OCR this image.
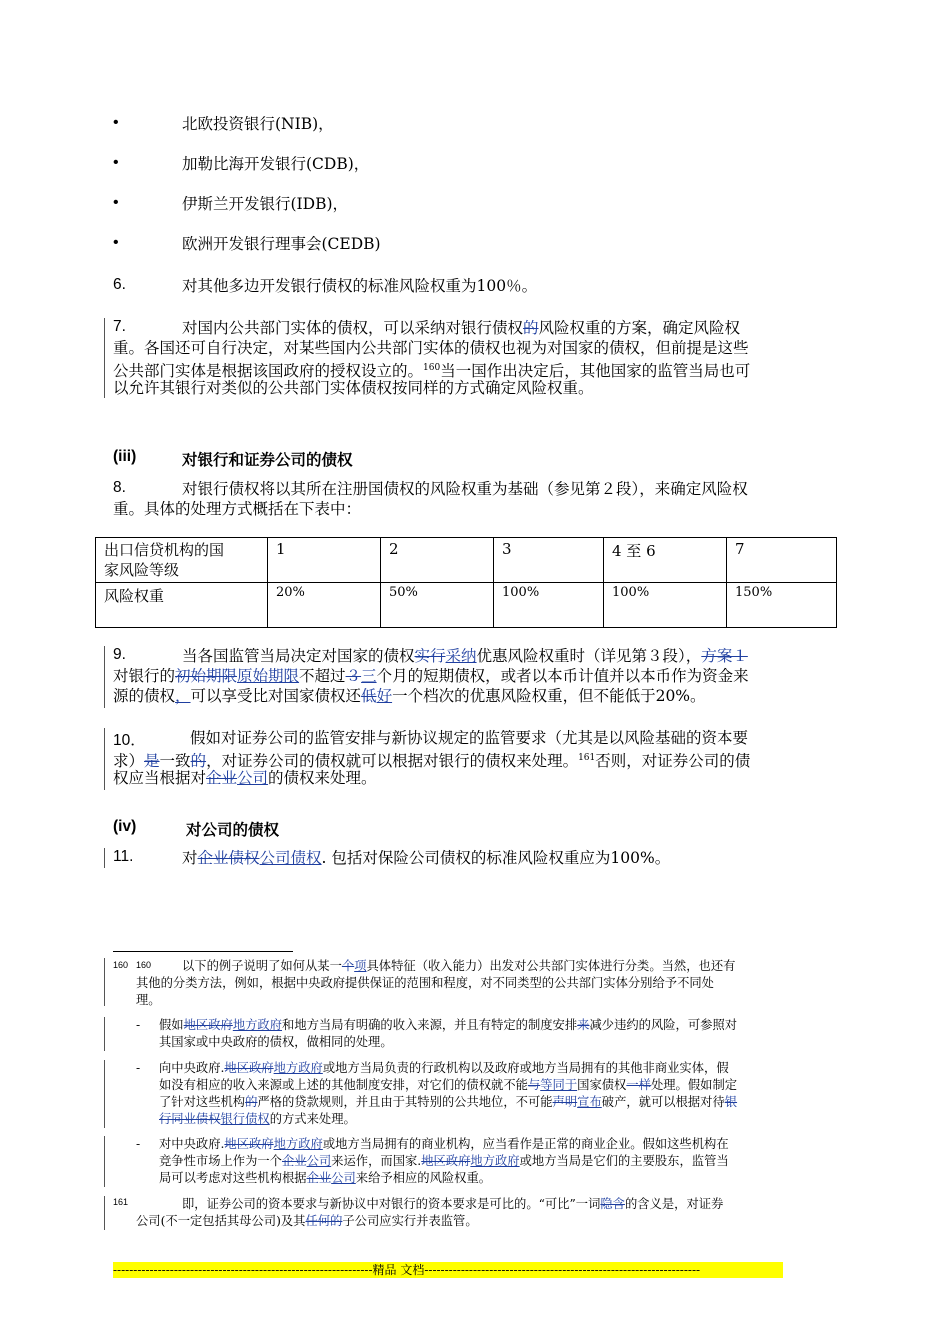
•	北欧投资银行(NIB)，
•	加勒比海开发银行(CDB)，
•	伊斯兰开发银行(IDB)，
•	欧洲开发银行理事会(CEDB)
6.	对其他多边开发银行债权的标准风险权重为100％。
7.	对国内公共部门实体的债权，可以采纳对银行债权的风险权重的方案，确定风险权
重。各国还可自行决定，对某些国内公共部门实体的债权也视为对国家的债权，但前提是这些
公共部门实体是根据该国政府的授权设立的。$^{160}$当一国作出决定后，其他国家的监管当局也可
以允许其银行对类似的公共部门实体债权按同样的方式确定风险权重。
(iii)	对银行和证券公司的债权
8.	对银行债权将以其所在注册国债权的风险权重为基础（参见第２段），来确定风险权
重。具体的处理方式概括在下表中：
出口信贷机构的国
家风险等级	1	2	3	4 至 6	7
风险权重	20%	50%	100%	100%	150%
9.	当各国监管当局决定对国家的债权实行采纳优惠风险权重时（详见第３段），方案１
对银行的初始期限原始期限不超过３三个月的短期债权，或者以本币计值并以本币作为资金来
源的债权，可以享受比对国家债权还低好一个档次的优惠风险权重，但不能低于20%。
10．	假如对证券公司的监管安排与新协议规定的监管要求（尤其是以风险基础的资本要
求）是一致的，对证券公司的债权就可以根据对银行的债权来处理。$^{161}$否则，对证券公司的债
权应当根据对企业公司的债权来处理。
(iv)	对公司的债权
11.	对企业债权公司债权. 包括对保险公司债权的标准风险权重应为100%。
160 160	以下的例子说明了如何从某一个项具体特征（收入能力）出发对公共部门实体进行分类。当然，也还有
其他的分类方法，例如，根据中央政府提供保证的范围和程度，对不同类型的公共部门实体分别给予不同处
理。
- 假如地区政府地方政府和地方当局有明确的收入来源，并且有特定的制度安排来减少违约的风险，可参照对
其国家或中央政府的债权，做相同的处理。
- 向中央政府.地区政府地方政府或地方当局负责的行政机构以及政府或地方当局拥有的其他非商业实体，假
如没有相应的收入来源或上述的其他制度安排，对它们的债权就不能与等同于国家债权一样处理。假如制定
了针对这些机构的严格的贷款规则，并且由于其特别的公共地位，不可能声明宣布破产，就可以根据对待银
行同业债权银行债权的方式来处理。
- 对中央政府.地区政府地方政府或地方当局拥有的商业机构，应当看作是正常的商业企业。假如这些机构在
竞争性市场上作为一个企业公司来运作，而国家.地区政府地方政府或地方当局是它们的主要股东，监管当
局可以考虑对这些机构根据企业公司来给予相应的风险权重。
161	即，证券公司的资本要求与新协议中对银行的资本要求是可比的。“可比”一词隐含的含义是，对证券
公司(不一定包括其母公司)及其任何的子公司应实行并表监管。
----------------------------------------------------------------精品 文档--------------------------------------------------------------------
